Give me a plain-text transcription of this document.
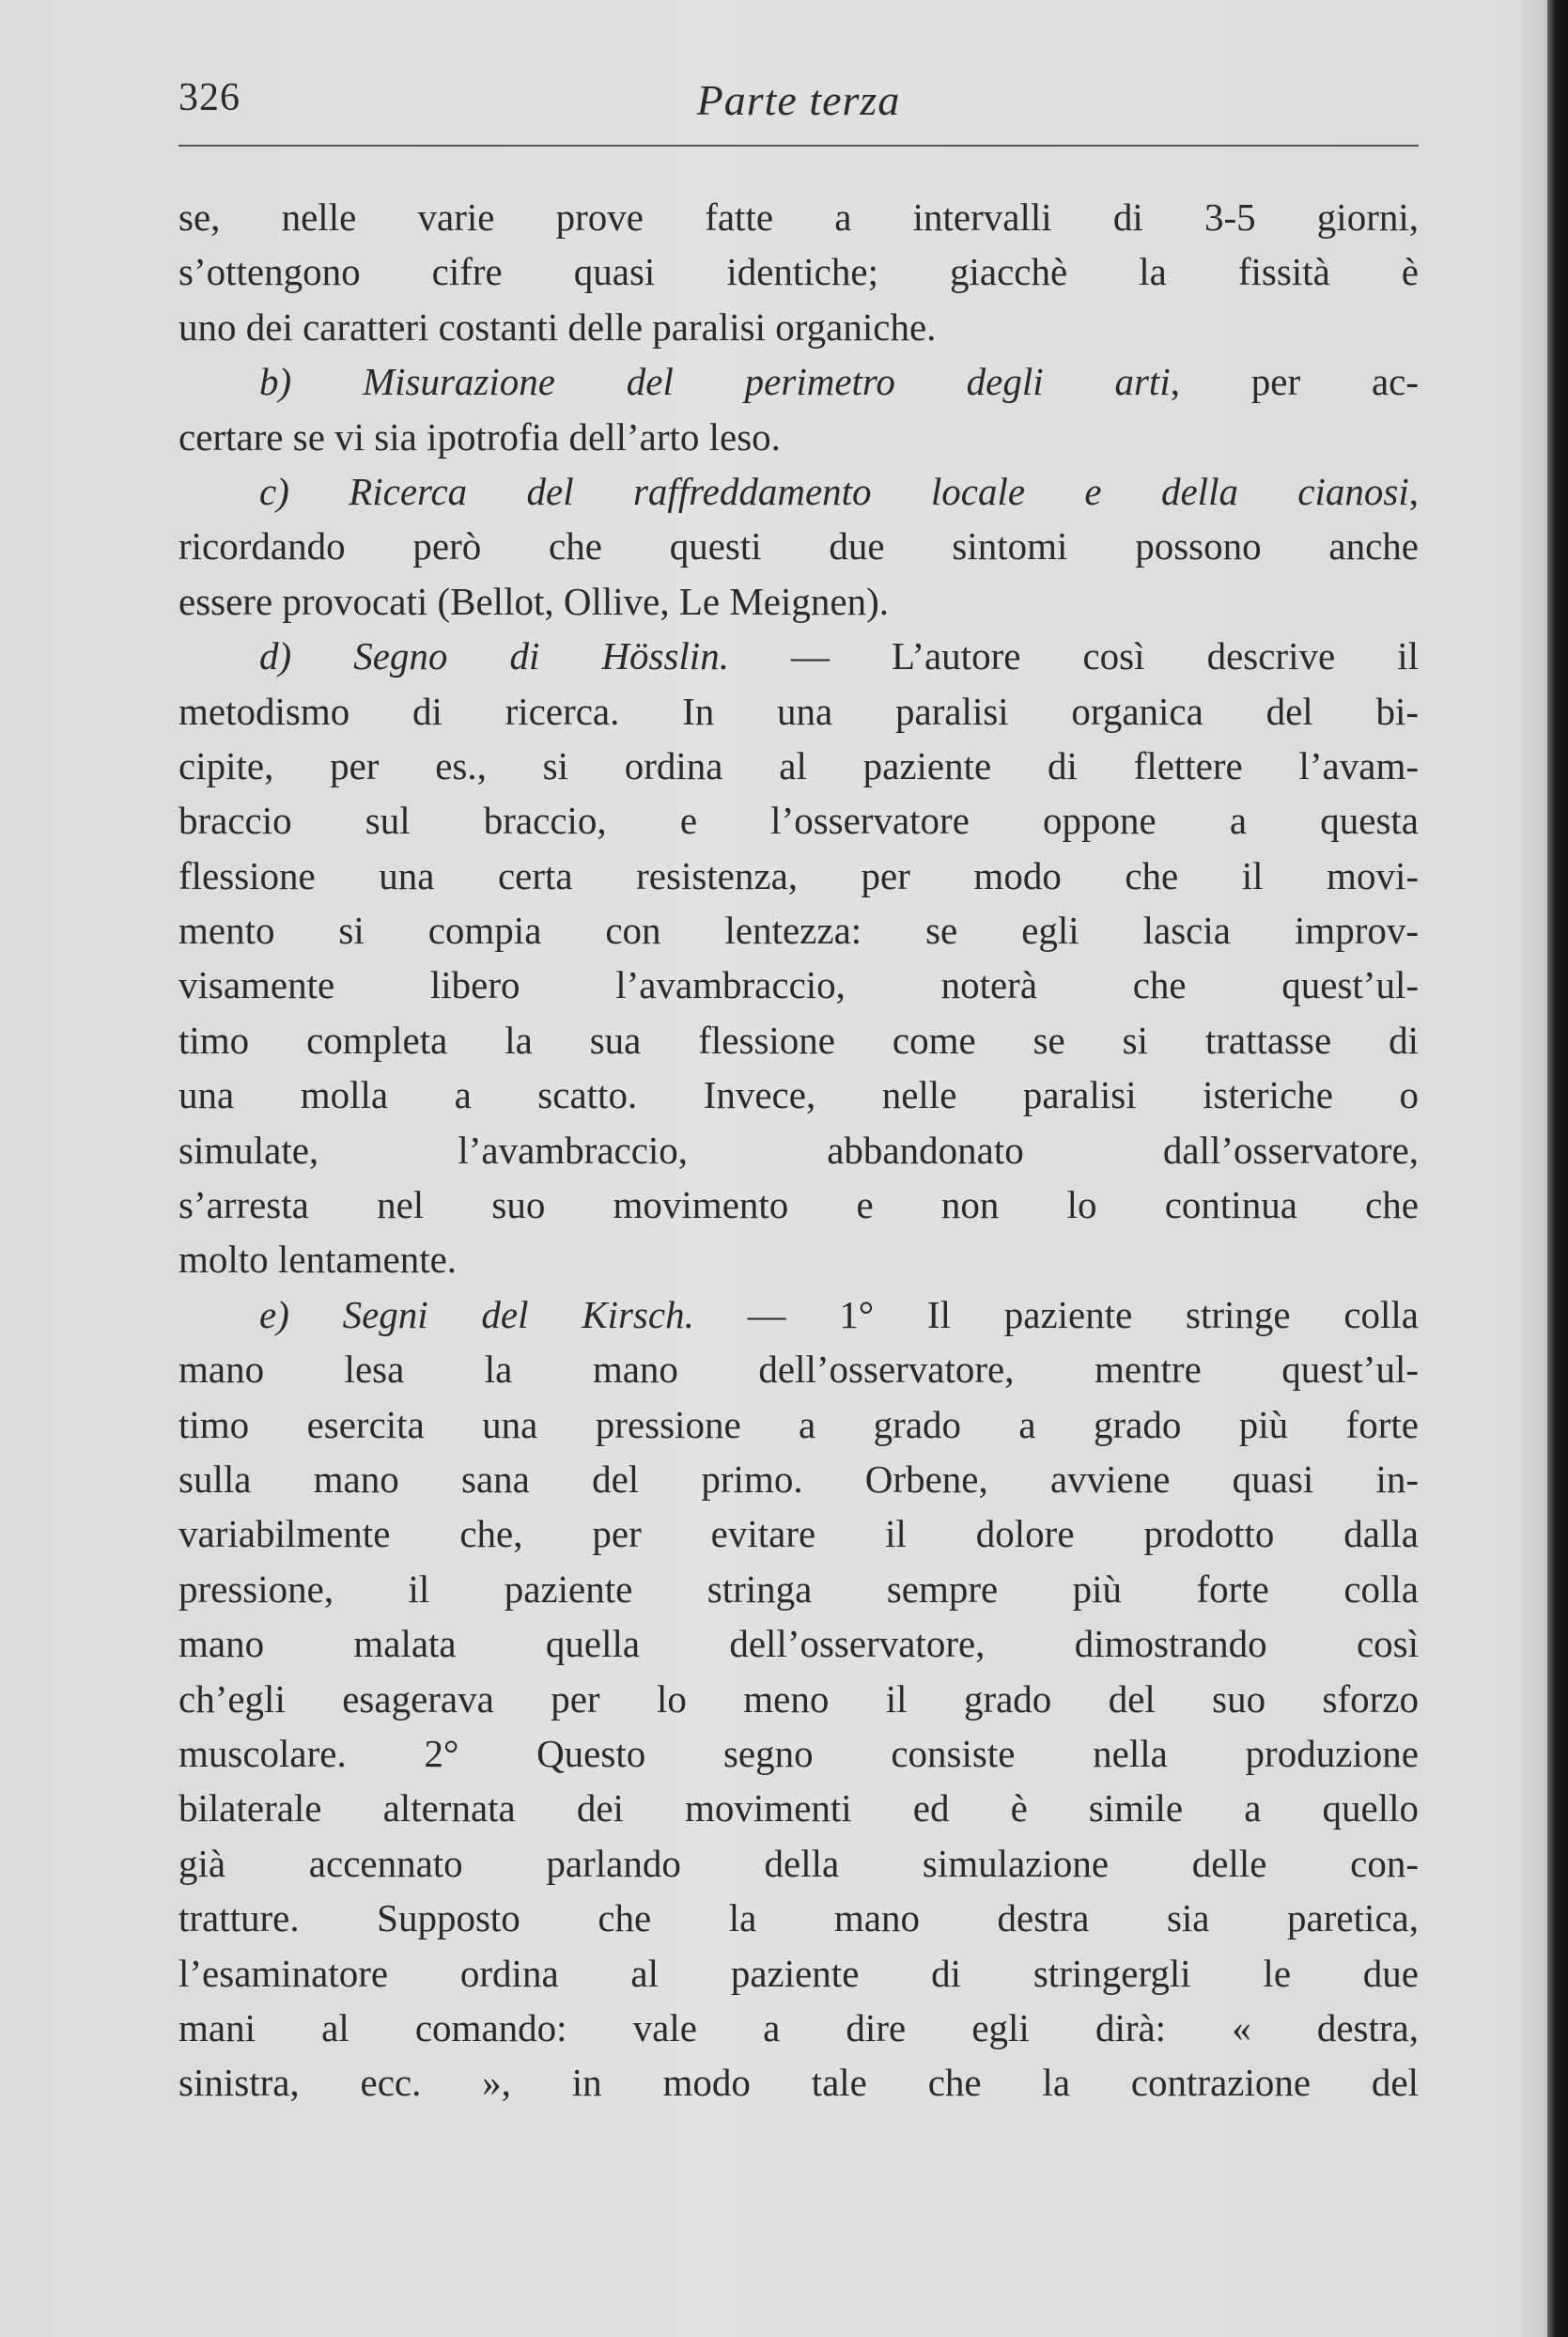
326	Parte terza
se, nelle varie prove fatte a intervalli di 3-5 giorni,
s’ottengono cifre quasi identiche; giacchè la fissità è
uno dei caratteri costanti delle paralisi organiche.
b) Misurazione del perimetro degli arti, per ac-
certare se vi sia ipotrofia dell’arto leso.
c) Ricerca del raffreddamento locale e della cianosi,
ricordando però che questi due sintomi possono anche
essere provocati (Bellot, Ollive, Le Meignen).
d) Segno di Hösslin. — L’autore così descrive il
metodismo di ricerca. In una paralisi organica del bi-
cipite, per es., si ordina al paziente di flettere l’avam-
braccio sul braccio, e l’osservatore oppone a questa
flessione una certa resistenza, per modo che il movi-
mento si compia con lentezza: se egli lascia improv-
visamente libero l’avambraccio, noterà che quest’ul-
timo completa la sua flessione come se si trattasse di
una molla a scatto. Invece, nelle paralisi isteriche o
simulate, l’avambraccio, abbandonato dall’osservatore,
s’arresta nel suo movimento e non lo continua che
molto lentamente.
e) Segni del Kirsch. — 1° Il paziente stringe colla
mano lesa la mano dell’osservatore, mentre quest’ul-
timo esercita una pressione a grado a grado più forte
sulla mano sana del primo. Orbene, avviene quasi in-
variabilmente che, per evitare il dolore prodotto dalla
pressione, il paziente stringa sempre più forte colla
mano malata quella dell’osservatore, dimostrando così
ch’egli esagerava per lo meno il grado del suo sforzo
muscolare. 2° Questo segno consiste nella produzione
bilaterale alternata dei movimenti ed è simile a quello
già accennato parlando della simulazione delle con-
tratture. Supposto che la mano destra sia paretica,
l’esaminatore ordina al paziente di stringergli le due
mani al comando: vale a dire egli dirà: « destra,
sinistra, ecc. », in modo tale che la contrazione del
